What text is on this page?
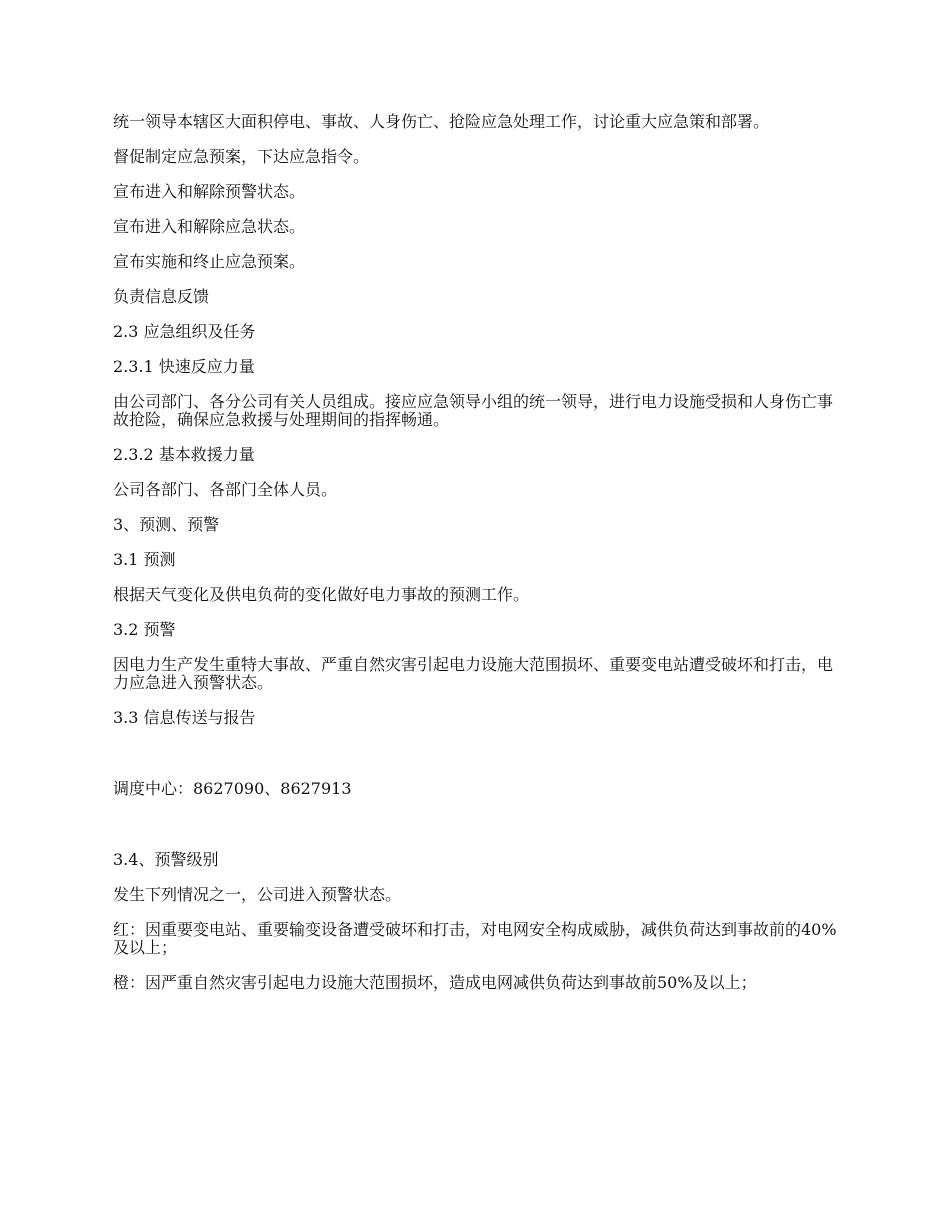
统一领导本辖区大面积停电、事故、人身伤亡、抢险应急处理工作，讨论重大应急策和部署。

督促制定应急预案，下达应急指令。

宣布进入和解除预警状态。

宣布进入和解除应急状态。

宣布实施和终止应急预案。

负责信息反馈

2.3 应急组织及任务

2.3.1 快速反应力量

由公司部门、各分公司有关人员组成。接应应急领导小组的统一领导，进行电力设施受损和人身伤亡事故抢险，确保应急救援与处理期间的指挥畅通。

2.3.2 基本救援力量

公司各部门、各部门全体人员。

3、预测、预警

3.1 预测

根据天气变化及供电负荷的变化做好电力事故的预测工作。

3.2 预警

因电力生产发生重特大事故、严重自然灾害引起电力设施大范围损坏、重要变电站遭受破坏和打击，电力应急进入预警状态。

3.3 信息传送与报告

调度中心：8627090、8627913

3.4、预警级别

发生下列情况之一，公司进入预警状态。

红：因重要变电站、重要输变设备遭受破坏和打击，对电网安全构成威胁，减供负荷达到事故前的40%及以上；

橙：因严重自然灾害引起电力设施大范围损坏，造成电网减供负荷达到事故前50%及以上；
